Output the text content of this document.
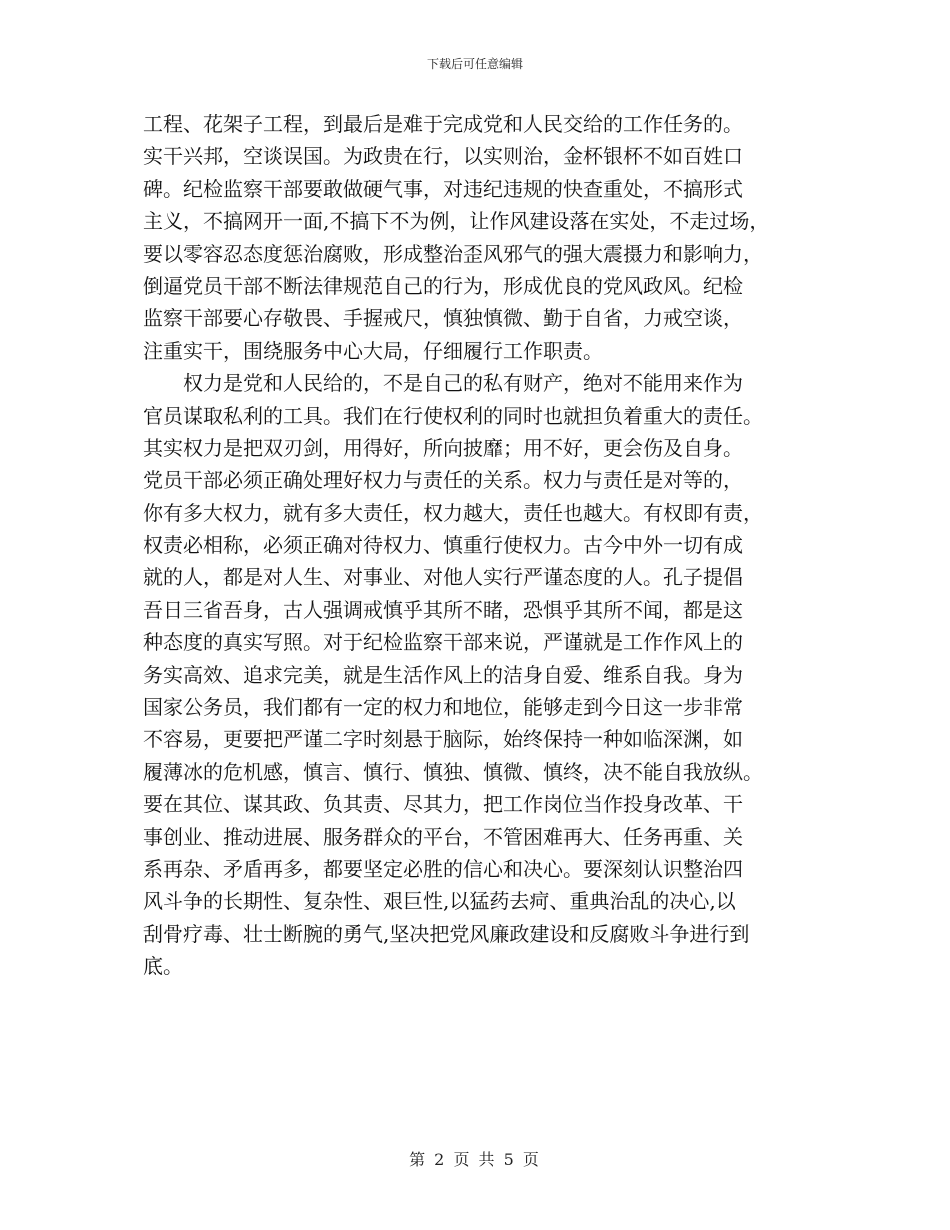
下载后可任意编辑
工程、花架子工程，到最后是难于完成党和人民交给的工作任务的。
实干兴邦，空谈误国。为政贵在行，以实则治，金杯银杯不如百姓口
碑。纪检监察干部要敢做硬气事，对违纪违规的快查重处，不搞形式
主义，不搞网开一面,不搞下不为例，让作风建设落在实处，不走过场，
要以零容忍态度惩治腐败，形成整治歪风邪气的强大震摄力和影响力，
倒逼党员干部不断法律规范自己的行为，形成优良的党风政风。纪检
监察干部要心存敬畏、手握戒尺，慎独慎微、勤于自省，力戒空谈，
注重实干，围绕服务中心大局，仔细履行工作职责。
权力是党和人民给的，不是自己的私有财产，绝对不能用来作为
官员谋取私利的工具。我们在行使权利的同时也就担负着重大的责任。
其实权力是把双刃剑，用得好，所向披靡；用不好，更会伤及自身。
党员干部必须正确处理好权力与责任的关系。权力与责任是对等的，
你有多大权力，就有多大责任，权力越大，责任也越大。有权即有责，
权责必相称，必须正确对待权力、慎重行使权力。古今中外一切有成
就的人，都是对人生、对事业、对他人实行严谨态度的人。孔子提倡
吾日三省吾身，古人强调戒慎乎其所不睹，恐惧乎其所不闻，都是这
种态度的真实写照。对于纪检监察干部来说，严谨就是工作作风上的
务实高效、追求完美，就是生活作风上的洁身自爱、维系自我。身为
国家公务员，我们都有一定的权力和地位，能够走到今日这一步非常
不容易，更要把严谨二字时刻悬于脑际，始终保持一种如临深渊，如
履薄冰的危机感，慎言、慎行、慎独、慎微、慎终，决不能自我放纵。
要在其位、谋其政、负其责、尽其力，把工作岗位当作投身改革、干
事创业、推动进展、服务群众的平台，不管困难再大、任务再重、关
系再杂、矛盾再多，都要坚定必胜的信心和决心。要深刻认识整治四
风斗争的长期性、复杂性、艰巨性,以猛药去疴、重典治乱的决心,以
刮骨疗毒、壮士断腕的勇气,坚决把党风廉政建设和反腐败斗争进行到
底。
第 2 页 共 5 页
